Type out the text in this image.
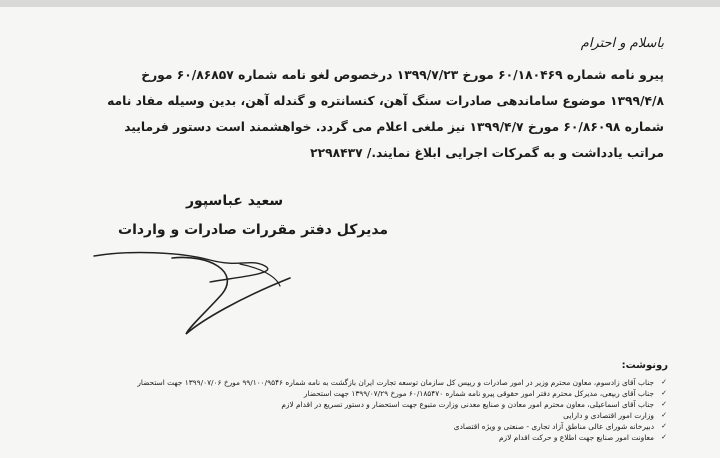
باسلام و احترام
پیرو نامه شماره ۶۰/۱۸۰۴۶۹ مورخ ۱۳۹۹/۷/۲۳ درخصوص لغو نامه شماره ۶۰/۸۶۸۵۷ مورخ
۱۳۹۹/۴/۸ موضوع ساماندهی صادرات سنگ آهن، کنسانتره و گندله آهن، بدین وسیله مفاد نامه
شماره ۶۰/۸۶۰۹۸ مورخ ۱۳۹۹/۴/۷ نیز ملغی اعلام می گردد. خواهشمند است دستور فرمایید
مراتب یادداشت و به گمرکات اجرایی ابلاغ نمایند./ ۲۲۹۸۴۳۷
سعید عباسپور
مدیرکل دفتر مقررات صادرات و واردات
رونوشت:
✓
جناب آقای زادسوم، معاون محترم وزیر در امور صادرات و رییس کل سازمان توسعه تجارت ایران بازگشت به نامه شماره ۹۹/۱۰۰/۹۵۴۶ مورخ ۱۳۹۹/۰۷/۰۶ جهت استحضار
✓
جناب آقای ربیعی، مدیرکل محترم دفتر امور حقوقی پیرو نامه شماره ۶۰/۱۸۵۴۷۰ مورخ ۱۳۹۹/۰۷/۲۹ جهت استحضار
✓
جناب آقای اسماعیلی، معاون محترم امور معادن و صنایع معدنی وزارت متبوع جهت استحضار و دستور تسریع در اقدام لازم
✓
وزارت امور اقتصادی و دارایی
✓
دبیرخانه شورای عالی مناطق آزاد تجاری - صنعتی و ویژه اقتصادی
✓
معاونت امور صنایع جهت اطلاع و حرکت اقدام لازم
